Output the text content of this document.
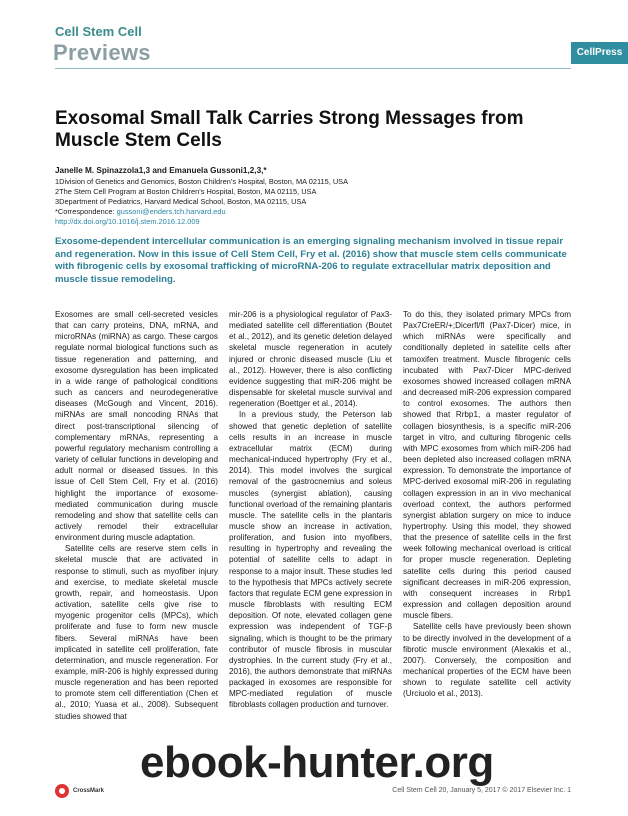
Cell Stem Cell
Previews	CellPress
Exosomal Small Talk Carries Strong Messages from Muscle Stem Cells
Janelle M. Spinazzola1,3 and Emanuela Gussoni1,2,3,*
1Division of Genetics and Genomics, Boston Children’s Hospital, Boston, MA 02115, USA
2The Stem Cell Program at Boston Children’s Hospital, Boston, MA 02115, USA
3Department of Pediatrics, Harvard Medical School, Boston, MA 02115, USA
*Correspondence: gussoni@enders.tch.harvard.edu
http://dx.doi.org/10.1016/j.stem.2016.12.009

Exosome-dependent intercellular communication is an emerging signaling mechanism involved in tissue repair and regeneration. Now in this issue of Cell Stem Cell, Fry et al. (2016) show that muscle stem cells communicate with fibrogenic cells by exosomal trafficking of microRNA-206 to regulate extracellular matrix deposition and muscle tissue remodeling.

Exosomes are small cell-secreted vesicles that can carry proteins, DNA, mRNA, and microRNAs (miRNA) as cargo. These cargos regulate normal biological functions such as tissue regeneration and patterning, and exosome dysregulation has been implicated in a wide range of pathological conditions such as cancers and neurodegenerative diseases (McGough and Vincent, 2016). miRNAs are small noncoding RNAs that direct post-transcriptional silencing of complementary mRNAs, representing a powerful regulatory mechanism controlling a variety of cellular functions in developing and adult normal or diseased tissues. In this issue of Cell Stem Cell, Fry et al. (2016) highlight the importance of exosome-mediated communication during muscle remodeling and show that satellite cells can actively remodel their extracellular environment during muscle adaptation.

Satellite cells are reserve stem cells in skeletal muscle that are activated in response to stimuli, such as myofiber injury and exercise, to mediate skeletal muscle growth, repair, and homeostasis. Upon activation, satellite cells give rise to myogenic progenitor cells (MPCs), which proliferate and fuse to form new muscle fibers. Several miRNAs have been implicated in satellite cell proliferation, fate determination, and muscle regeneration. For example, miR-206 is highly expressed during muscle regeneration and has been reported to promote stem cell differentiation (Chen et al., 2010; Yuasa et al., 2008). Subsequent studies showed that

mir-206 is a physiological regulator of Pax3-mediated satellite cell differentiation (Boutet et al., 2012), and its genetic deletion delayed skeletal muscle regeneration in acutely injured or chronic diseased muscle (Liu et al., 2012). However, there is also conflicting evidence suggesting that miR-206 might be dispensable for skeletal muscle survival and regeneration (Boettger et al., 2014).

In a previous study, the Peterson lab showed that genetic depletion of satellite cells results in an increase in muscle extracellular matrix (ECM) during mechanical-induced hypertrophy (Fry et al., 2014). This model involves the surgical removal of the gastrocnemius and soleus muscles (synergist ablation), causing functional overload of the remaining plantaris muscle. The satellite cells in the plantaris muscle show an increase in activation, proliferation, and fusion into myofibers, resulting in hypertrophy and revealing the potential of satellite cells to adapt in response to a major insult. These studies led to the hypothesis that MPCs actively secrete factors that regulate ECM gene expression in muscle fibroblasts with resulting ECM deposition. Of note, elevated collagen gene expression was independent of TGF-β signaling, which is thought to be the primary contributor of muscle fibrosis in muscular dystrophies. In the current study (Fry et al., 2016), the authors demonstrate that miRNAs packaged in exosomes are responsible for MPC-mediated regulation of muscle fibroblasts collagen production and turnover.

To do this, they isolated primary MPCs from Pax7CreER/+;Dicerfl/fl (Pax7-Dicer) mice, in which miRNAs were specifically and conditionally depleted in satellite cells after tamoxifen treatment. Muscle fibrogenic cells incubated with Pax7-Dicer MPC-derived exosomes showed increased collagen mRNA and decreased miR-206 expression compared to control exosomes. The authors then showed that Rrbp1, a master regulator of collagen biosynthesis, is a specific miR-206 target in vitro, and culturing fibrogenic cells with MPC exosomes from which miR-206 had been depleted also increased collagen mRNA expression. To demonstrate the importance of MPC-derived exosomal miR-206 in regulating collagen expression in an in vivo mechanical overload context, the authors performed synergist ablation surgery on mice to induce hypertrophy. Using this model, they showed that the presence of satellite cells in the first week following mechanical overload is critical for proper muscle regeneration. Depleting satellite cells during this period caused significant decreases in miR-206 expression, with consequent increases in Rrbp1 expression and collagen deposition around muscle fibers.

Satellite cells have previously been shown to be directly involved in the development of a fibrotic muscle environment (Alexakis et al., 2007). Conversely, the composition and mechanical properties of the ECM have been shown to regulate satellite cell activity (Urciuolo et al., 2013).

CrossMark	Cell Stem Cell 20, January 5, 2017 © 2017 Elsevier Inc. 1
ebook-hunter.org
